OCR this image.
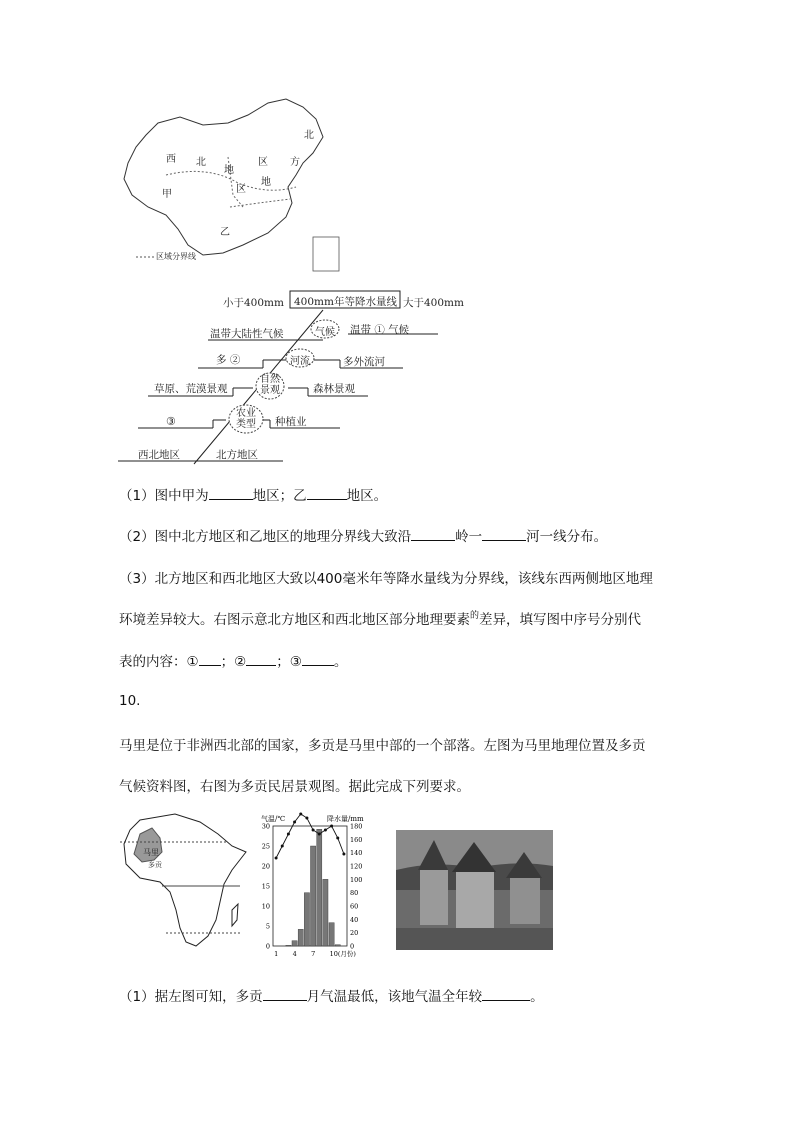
西 北
地
区 方
北
区
地
甲
乙
区域分界线
小于400mm 400mm年等降水量线 大于400mm
温带大陆性气候	气候 温带 ① 气候
多 ②	河流	多外流河
草原、荒漠景观
自然景观	森林景观
③
农业类型 种植业
西北地区	北方地区
（1）图中甲为	地区；乙	地区。
（2）图中北方地区和乙地区的地理分界线大致沿	岭一	河一线分布。
（3）北方地区和西北地区大致以400毫米年等降水量线为分界线，该线东西两侧地区地理
环境差异较大。右图示意北方地区和西北地区部分地理要素$^的$差异，填写图中序号分别代
表的内容：① ；② ；③ 。
10.
马里是位于非洲西北部的国家，多贡是马里中部的一个部落。左图为马里地理位置及多贡
气候资料图，右图为多贡民居景观图。据此完成下列要求。
马里
多贡
气温/℃	降水量/mm
30
25
20
15
10
5
0
180
160
140
120
100
80
60
40
20
0
1 4 7 10(月份)
（1）据左图可知，多贡	月气温最低，该地气温全年较	。
